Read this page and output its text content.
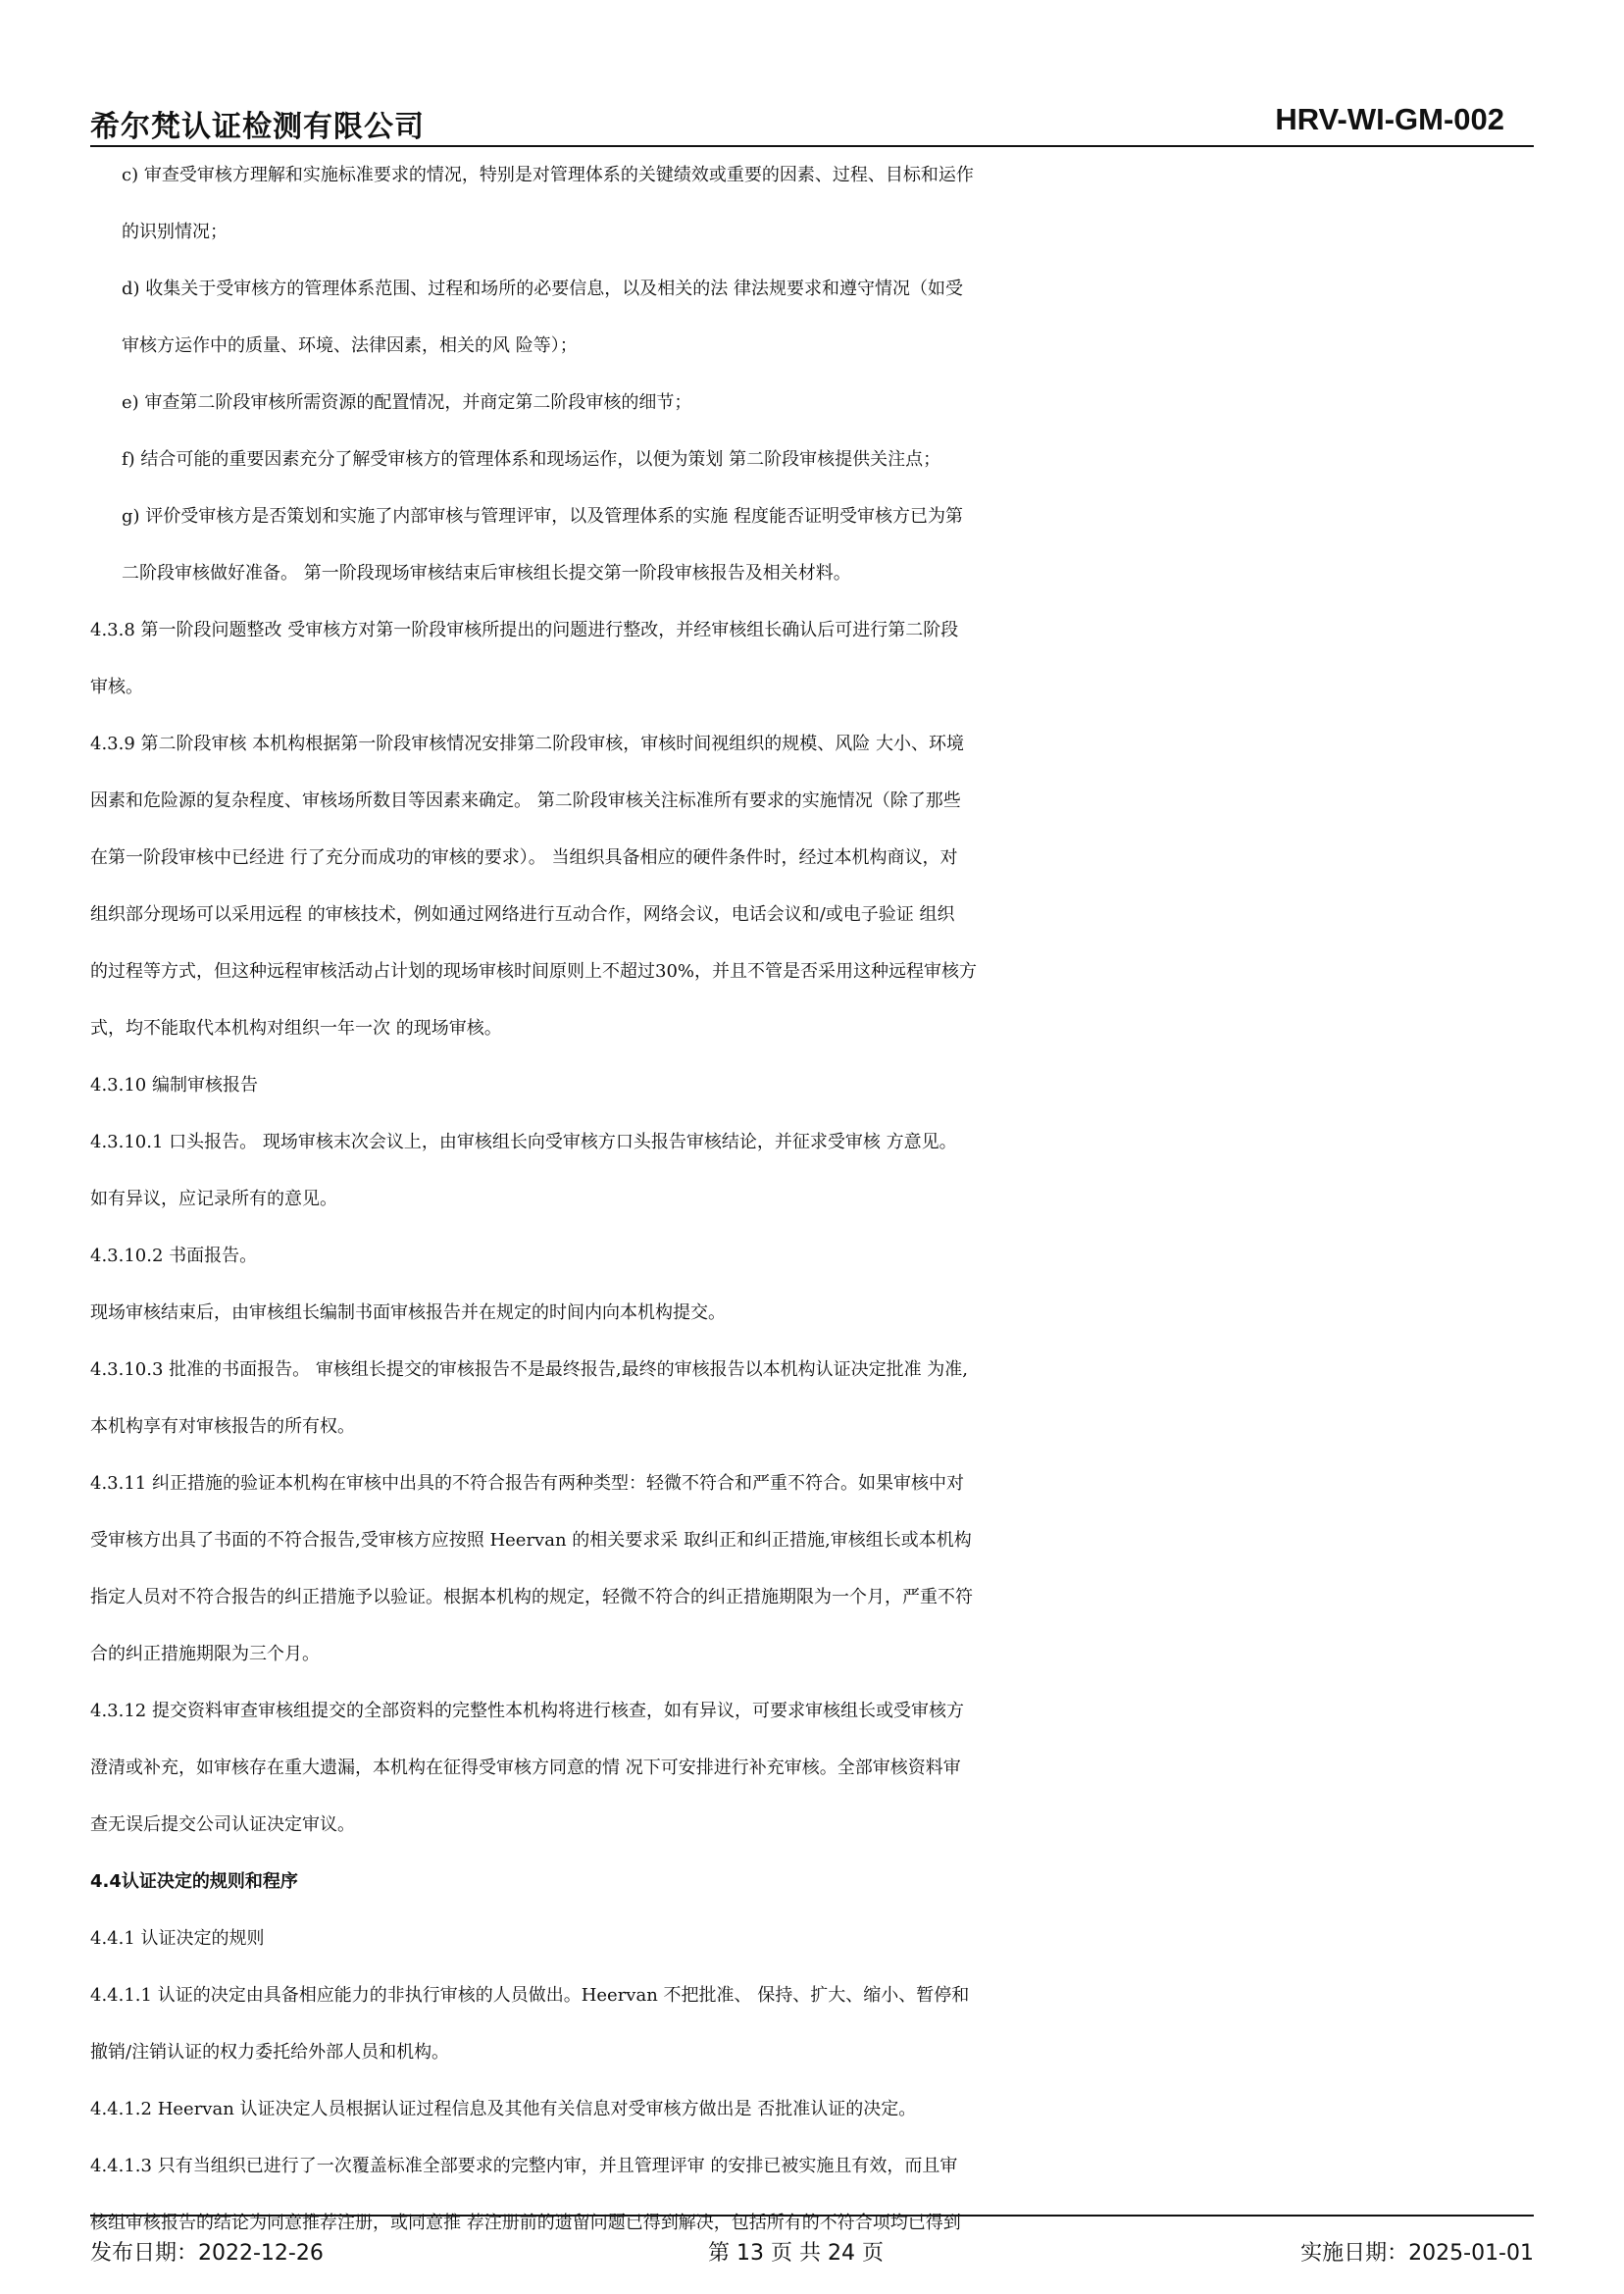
希尔梵认证检测有限公司	HRV-WI-GM-002

c) 审查受审核方理解和实施标准要求的情况，特别是对管理体系的关键绩效或重要的因素、过程、目标和运作

的识别情况；

d) 收集关于受审核方的管理体系范围、过程和场所的必要信息，以及相关的法 律法规要求和遵守情况（如受

审核方运作中的质量、环境、法律因素，相关的风 险等）；

e) 审查第二阶段审核所需资源的配置情况，并商定第二阶段审核的细节；

f) 结合可能的重要因素充分了解受审核方的管理体系和现场运作，以便为策划 第二阶段审核提供关注点；

g) 评价受审核方是否策划和实施了内部审核与管理评审，以及管理体系的实施 程度能否证明受审核方已为第

二阶段审核做好准备。 第一阶段现场审核结束后审核组长提交第一阶段审核报告及相关材料。

4.3.8 第一阶段问题整改 受审核方对第一阶段审核所提出的问题进行整改，并经审核组长确认后可进行第二阶段

审核。

4.3.9 第二阶段审核 本机构根据第一阶段审核情况安排第二阶段审核，审核时间视组织的规模、风险 大小、环境

因素和危险源的复杂程度、审核场所数目等因素来确定。 第二阶段审核关注标准所有要求的实施情况（除了那些

在第一阶段审核中已经进 行了充分而成功的审核的要求）。 当组织具备相应的硬件条件时，经过本机构商议，对

组织部分现场可以采用远程 的审核技术，例如通过网络进行互动合作，网络会议，电话会议和/或电子验证 组织

的过程等方式，但这种远程审核活动占计划的现场审核时间原则上不超过30%，并且不管是否采用这种远程审核方

式，均不能取代本机构对组织一年一次 的现场审核。

4.3.10 编制审核报告

4.3.10.1 口头报告。 现场审核末次会议上，由审核组长向受审核方口头报告审核结论，并征求受审核 方意见。

如有异议，应记录所有的意见。

4.3.10.2 书面报告。

现场审核结束后，由审核组长编制书面审核报告并在规定的时间内向本机构提交。

4.3.10.3 批准的书面报告。 审核组长提交的审核报告不是最终报告,最终的审核报告以本机构认证决定批准 为准,

本机构享有对审核报告的所有权。

4.3.11 纠正措施的验证本机构在审核中出具的不符合报告有两种类型：轻微不符合和严重不符合。如果审核中对

受审核方出具了书面的不符合报告,受审核方应按照 Heervan 的相关要求采 取纠正和纠正措施,审核组长或本机构

指定人员对不符合报告的纠正措施予以验证。根据本机构的规定，轻微不符合的纠正措施期限为一个月，严重不符

合的纠正措施期限为三个月。

4.3.12 提交资料审查审核组提交的全部资料的完整性本机构将进行核查，如有异议，可要求审核组长或受审核方

澄清或补充，如审核存在重大遗漏，本机构在征得受审核方同意的情 况下可安排进行补充审核。全部审核资料审

查无误后提交公司认证决定审议。

4.4认证决定的规则和程序

4.4.1 认证决定的规则

4.4.1.1 认证的决定由具备相应能力的非执行审核的人员做出。Heervan 不把批准、 保持、扩大、缩小、暂停和

撤销/注销认证的权力委托给外部人员和机构。

4.4.1.2 Heervan 认证决定人员根据认证过程信息及其他有关信息对受审核方做出是 否批准认证的决定。

4.4.1.3 只有当组织已进行了一次覆盖标准全部要求的完整内审，并且管理评审 的安排已被实施且有效，而且审

核组审核报告的结论为同意推荐注册，或同意推 荐注册前的遗留问题已得到解决，包括所有的不符合项均已得到

发布日期：2022-12-26	第 13 页 共 24 页	实施日期：2025-01-01
